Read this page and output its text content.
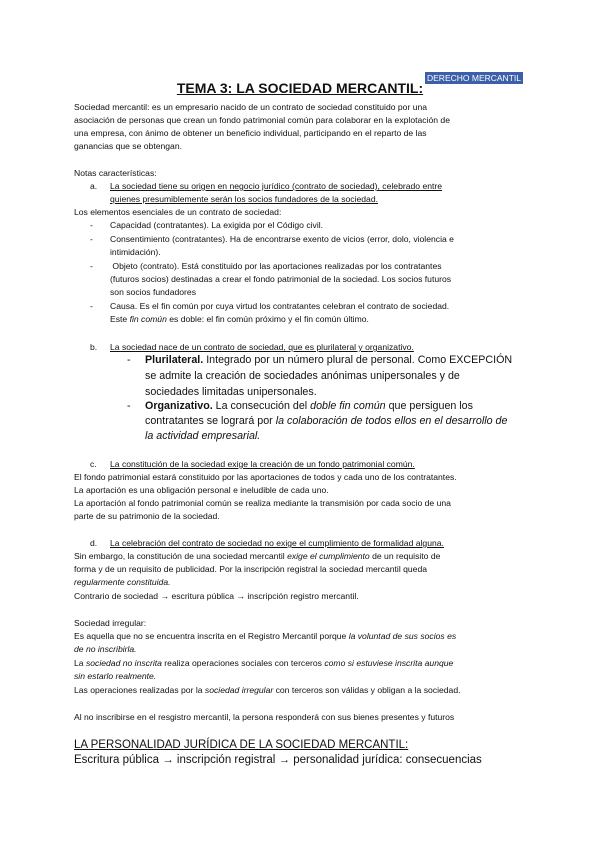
DERECHO MERCANTIL
TEMA 3: LA SOCIEDAD MERCANTIL:
Sociedad mercantil: es un empresario nacido de un contrato de sociedad constituido por una
asociación de personas que crean un fondo patrimonial común para colaborar en la explotación de
una empresa, con ánimo de obtener un beneficio individual, participando en el reparto de las
ganancias que se obtengan.
Notas características:
a. La sociedad tiene su origen en negocio jurídico (contrato de sociedad), celebrado entre
quienes presumiblemente serán los socios fundadores de la sociedad.
Los elementos esenciales de un contrato de sociedad:
- Capacidad (contratantes). La exigida por el Código civil.
- Consentimiento (contratantes). Ha de encontrarse exento de vicios (error, dolo, violencia e
intimidación).
- Objeto (contrato). Está constituido por las aportaciones realizadas por los contratantes
(futuros socios) destinadas a crear el fondo patrimonial de la sociedad. Los socios futuros
son socios fundadores
- Causa. Es el fin común por cuya virtud los contratantes celebran el contrato de sociedad.
Este fin común es doble: el fin común próximo y el fin común último.
b. La sociedad nace de un contrato de sociedad, que es plurilateral y organizativo.
- Plurilateral. Integrado por un número plural de personal. Como EXCEPCIÓN
se admite la creación de sociedades anónimas unipersonales y de
sociedades limitadas unipersonales.
- Organizativo. La consecución del doble fin común que persiguen los
contratantes se logrará por la colaboración de todos ellos en el desarrollo de
la actividad empresarial.
c. La constitución de la sociedad exige la creación de un fondo patrimonial común.
El fondo patrimonial estará constituido por las aportaciones de todos y cada uno de los contratantes.
La aportación es una obligación personal e ineludible de cada uno.
La aportación al fondo patrimonial común se realiza mediante la transmisión por cada socio de una
parte de su patrimonio de la sociedad.
d. La celebración del contrato de sociedad no exige el cumplimiento de formalidad alguna.
Sin embargo, la constitución de una sociedad mercantil exige el cumplimiento de un requisito de
forma y de un requisito de publicidad. Por la inscripción registral la sociedad mercantil queda
regularmente constituida.
Contrario de sociedad → escritura pública → inscripción registro mercantil.
Sociedad irregular:
Es aquella que no se encuentra inscrita en el Registro Mercantil porque la voluntad de sus socios es
de no inscribirla.
La sociedad no inscrita realiza operaciones sociales con terceros como si estuviese inscrita aunque
sin estarlo realmente.
Las operaciones realizadas por la sociedad irregular con terceros son válidas y obligan a la sociedad.
Al no inscribirse en el resgistro mercantil, la persona responderá con sus bienes presentes y futuros
LA PERSONALIDAD JURÍDICA DE LA SOCIEDAD MERCANTIL:
Escritura pública → inscripción registral → personalidad jurídica: consecuencias
